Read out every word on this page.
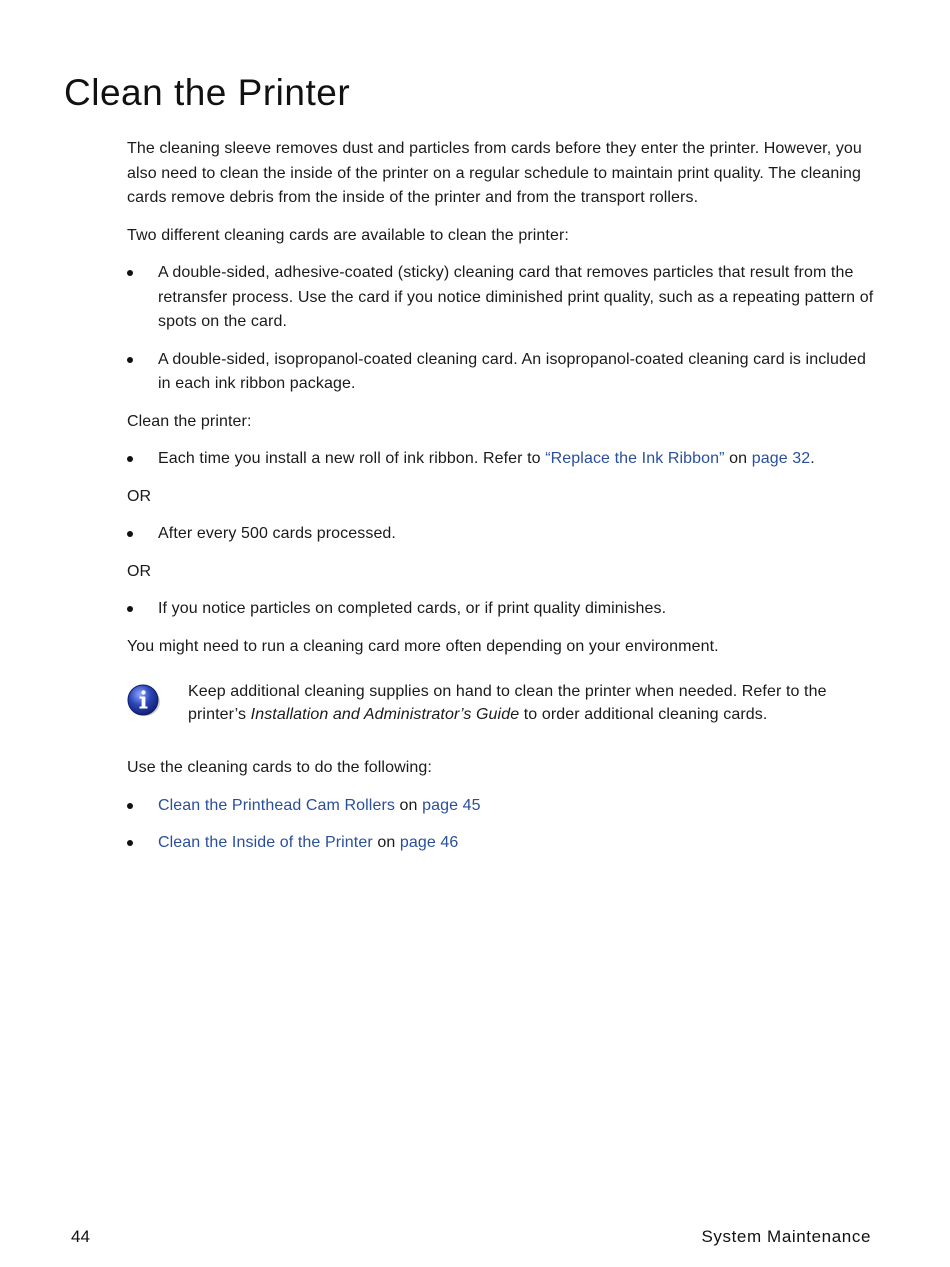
Clean the Printer

The cleaning sleeve removes dust and particles from cards before they enter the printer. However, you also need to clean the inside of the printer on a regular schedule to maintain print quality. The cleaning cards remove debris from the inside of the printer and from the transport rollers.

Two different cleaning cards are available to clean the printer:

A double-sided, adhesive-coated (sticky) cleaning card that removes particles that result from the retransfer process. Use the card if you notice diminished print quality, such as a repeating pattern of spots on the card.
A double-sided, isopropanol-coated cleaning card. An isopropanol-coated cleaning card is included in each ink ribbon package.

Clean the printer:

Each time you install a new roll of ink ribbon. Refer to “Replace the Ink Ribbon” on page 32.

OR

After every 500 cards processed.

OR

If you notice particles on completed cards, or if print quality diminishes.

You might need to run a cleaning card more often depending on your environment.

Keep additional cleaning supplies on hand to clean the printer when needed. Refer to the printer’s Installation and Administrator’s Guide to order additional cleaning cards.

Use the cleaning cards to do the following:

Clean the Printhead Cam Rollers on page 45
Clean the Inside of the Printer on page 46
44	System Maintenance
